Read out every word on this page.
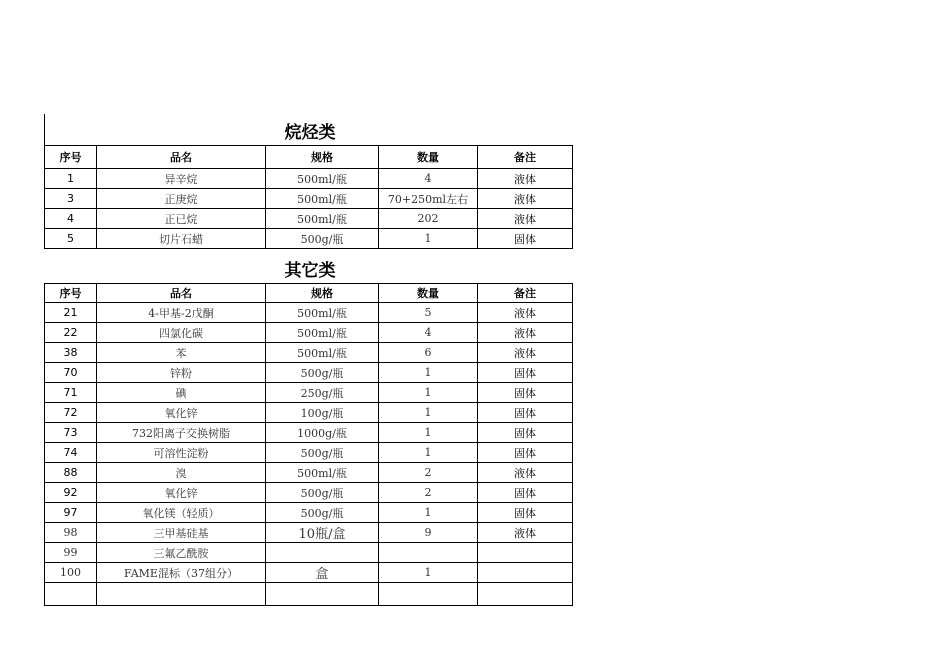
烷烃类
序号	品名	规格	数量	备注
1	异辛烷	500ml/瓶	4	液体
3	正庚烷	500ml/瓶	70+250ml左右	液体
4	正已烷	500ml/瓶	202	液体
5	切片石蜡	500g/瓶	1	固体
其它类
序号	品名	规格	数量	备注
21	4-甲基-2戊酮	500ml/瓶	5	液体
22	四氯化碳	500ml/瓶	4	液体
38	苯	500ml/瓶	6	液体
70	锌粉	500g/瓶	1	固体
71	碘	250g/瓶	1	固体
72	氧化锌	100g/瓶	1	固体
73	732阳离子交换树脂	1000g/瓶	1	固体
74	可溶性淀粉	500g/瓶	1	固体
88	溴	500ml/瓶	2	液体
92	氧化锌	500g/瓶	2	固体
97	氧化镁（轻质）	500g/瓶	1	固体
98	三甲基硅基	10瓶/盒	9	液体
99	三氟乙酰胺			
100	FAME混标（37组分）	盒	1	
